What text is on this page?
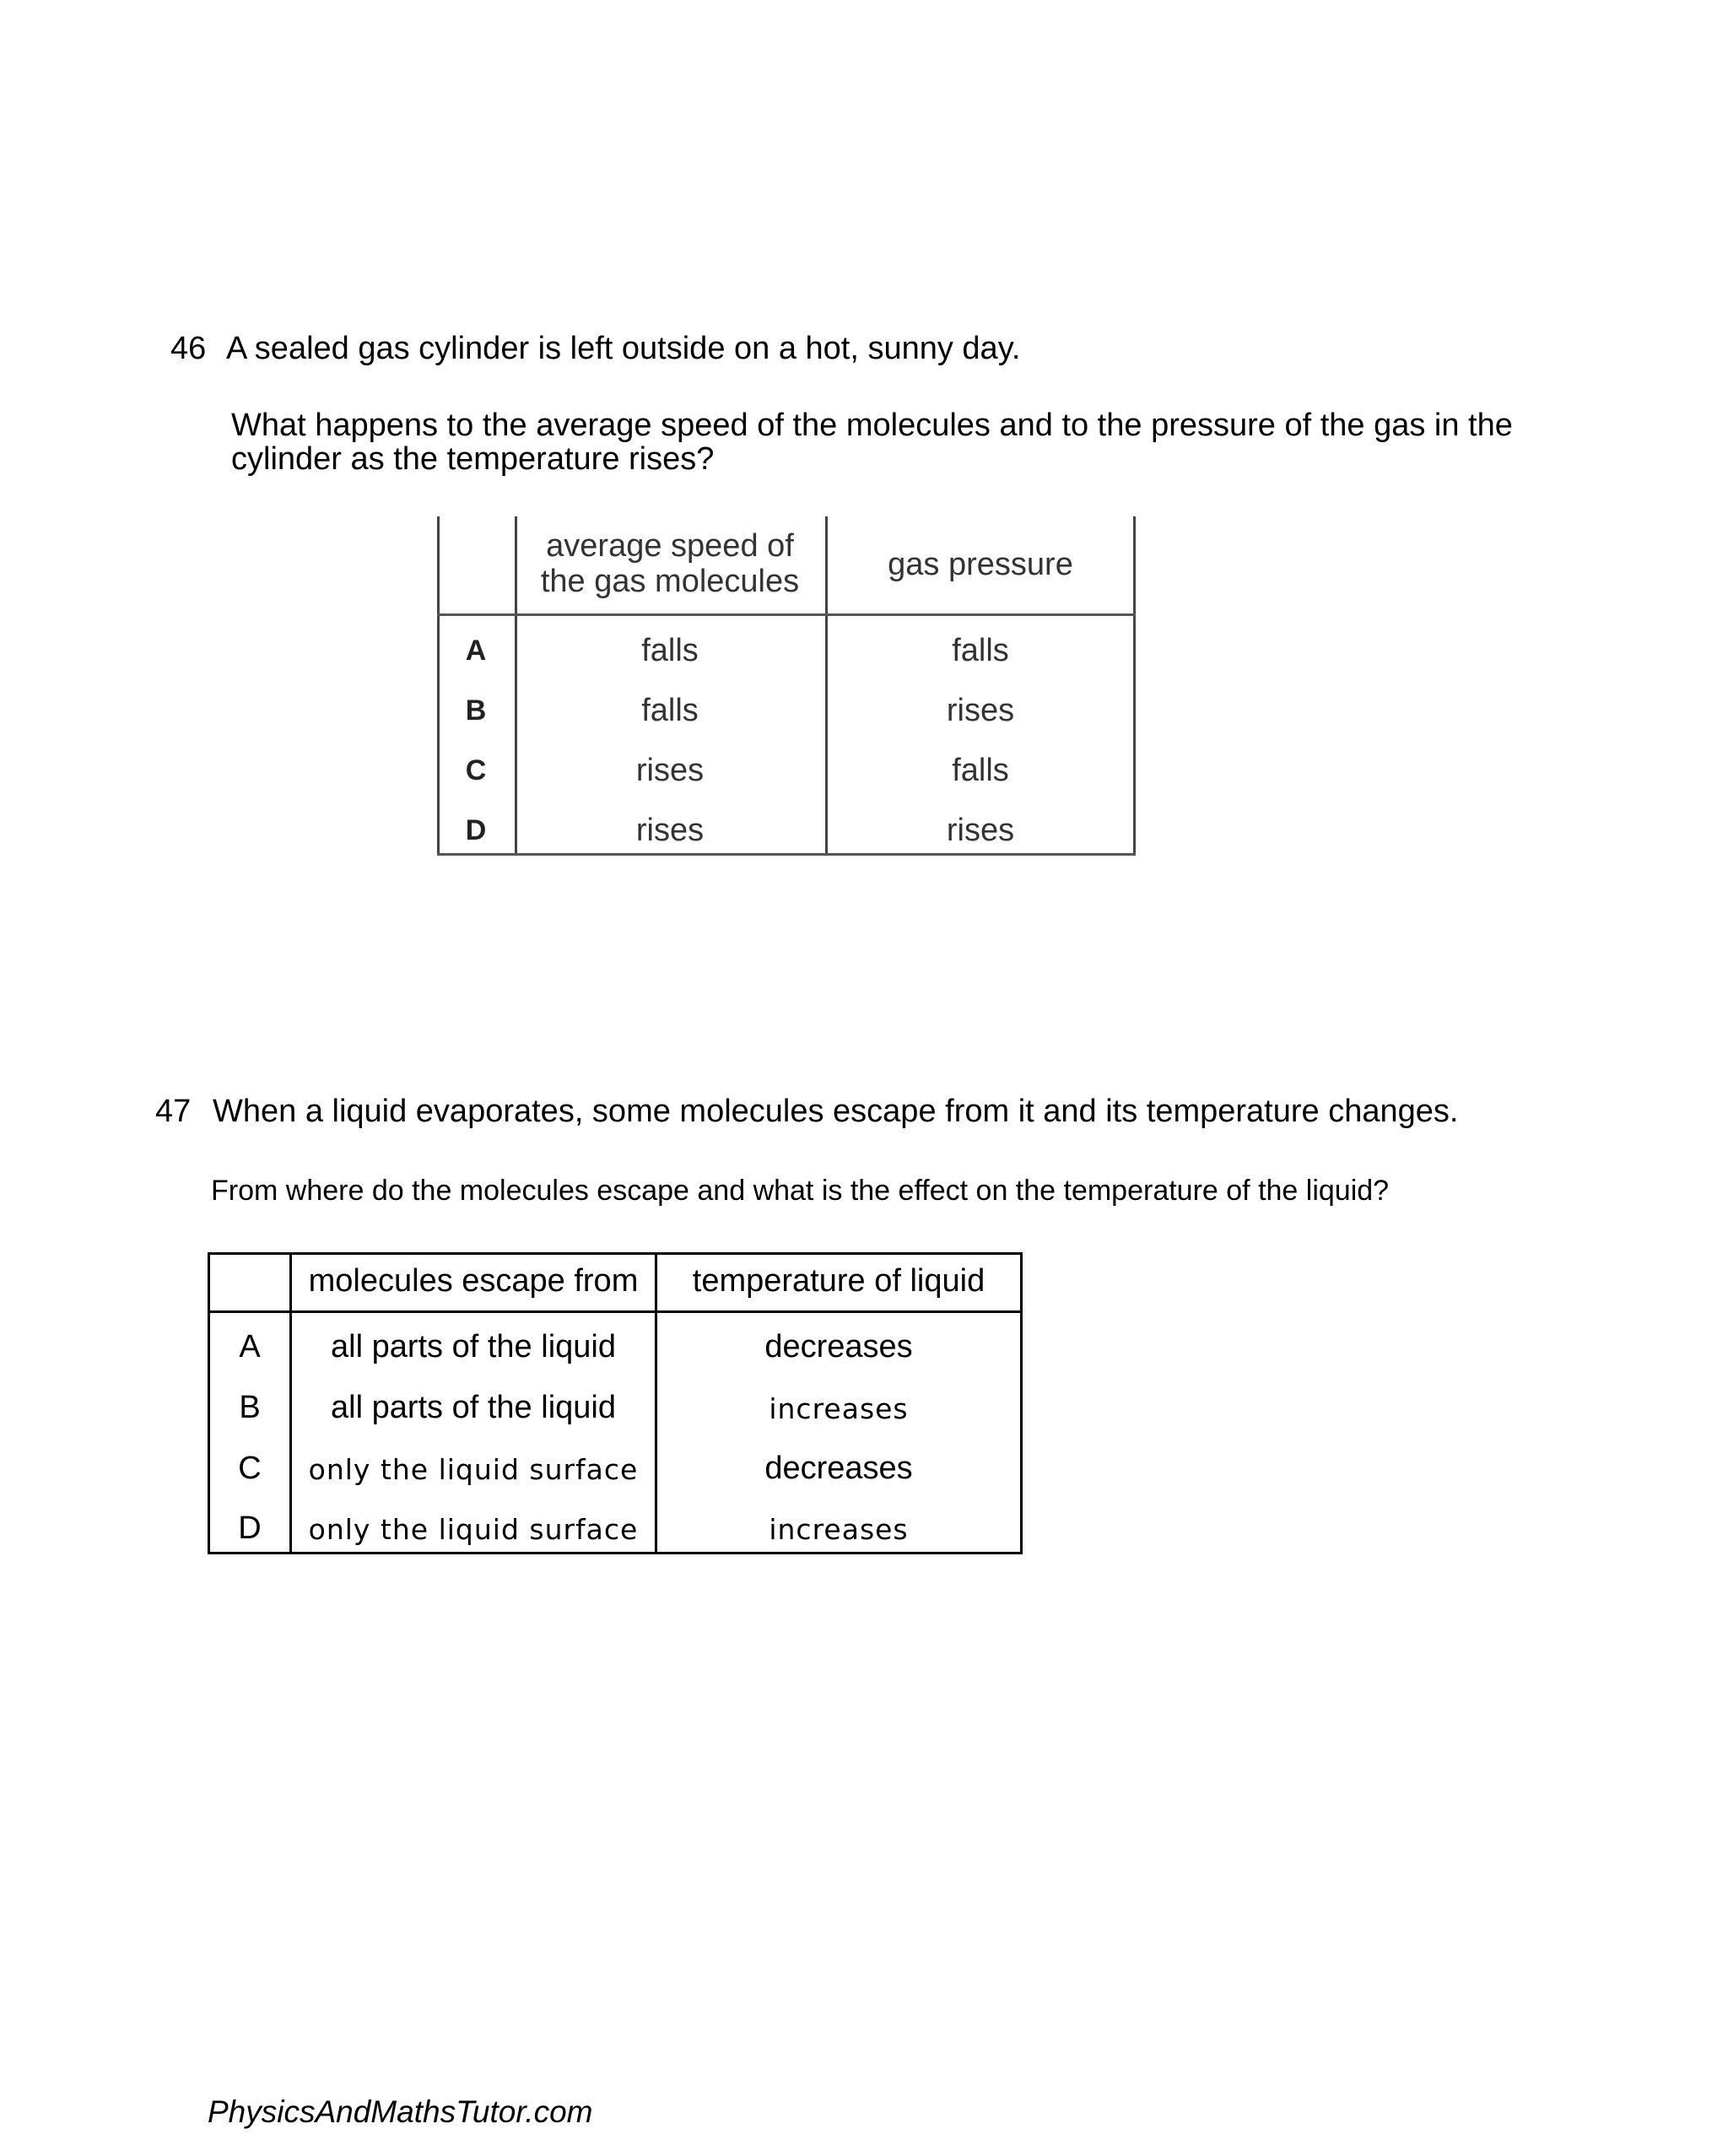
46 A sealed gas cylinder is left outside on a hot, sunny day.
What happens to the average speed of the molecules and to the pressure of the gas in the
cylinder as the temperature rises?
average speed of
the gas molecules	gas pressure
A	falls	falls
B	falls	rises
C	rises	falls
D	rises	rises
47 When a liquid evaporates, some molecules escape from it and its temperature changes.
From where do the molecules escape and what is the effect on the temperature of the liquid?
molecules escape from	temperature of liquid
A	all parts of the liquid	decreases
B	all parts of the liquid	increases
C	only the liquid surface	decreases
D	only the liquid surface	increases
PhysicsAndMathsTutor.com
